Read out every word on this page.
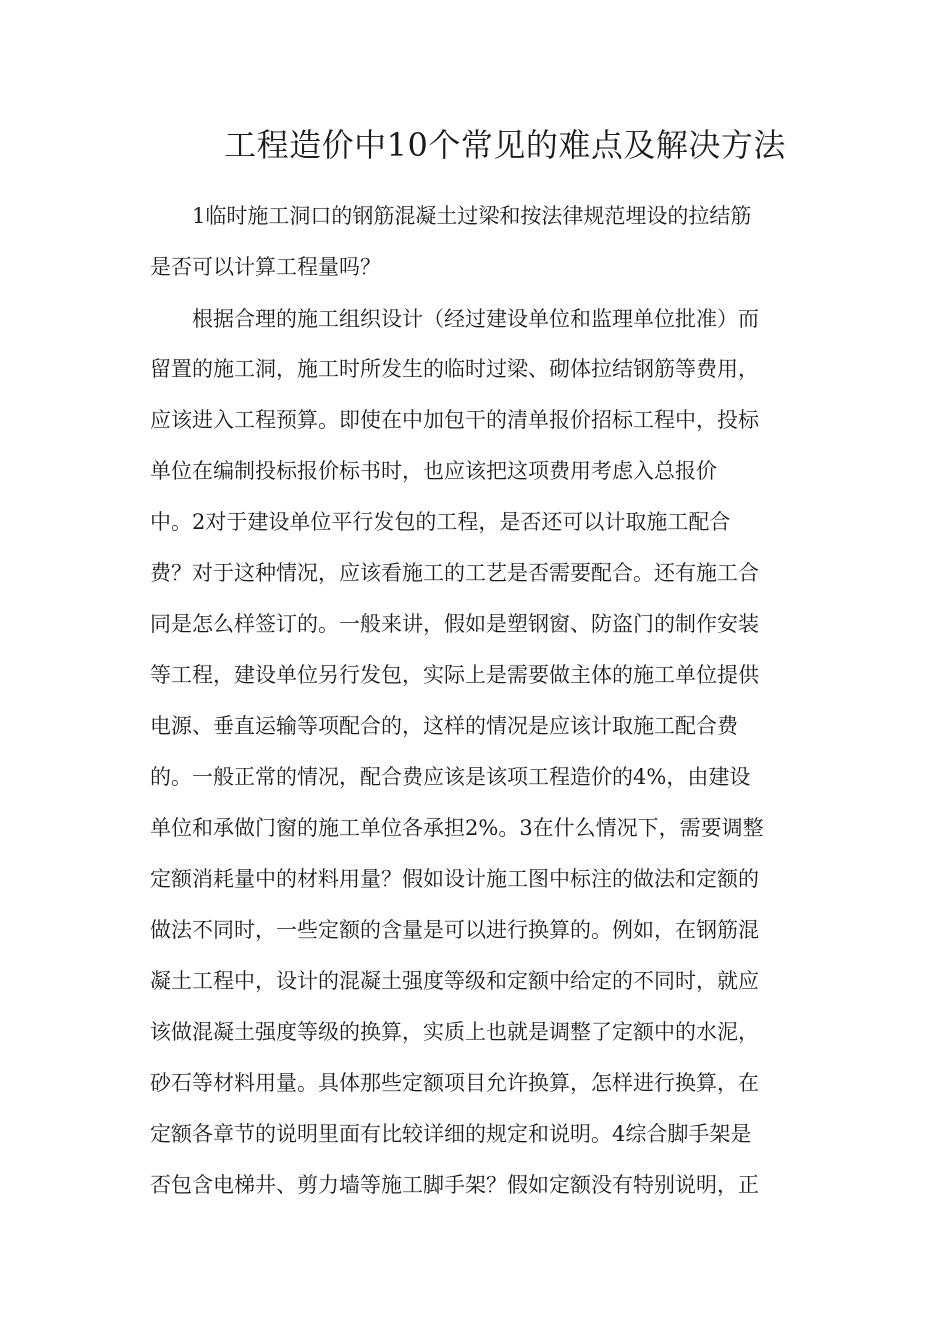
工程造价中10个常见的难点及解决方法

1临时施工洞口的钢筋混凝土过梁和按法律规范埋设的拉结筋

是否可以计算工程量吗？

根据合理的施工组织设计（经过建设单位和监理单位批准）而

留置的施工洞，施工时所发生的临时过梁、砌体拉结钢筋等费用，

应该进入工程预算。即使在中加包干的清单报价招标工程中，投标

单位在编制投标报价标书时，也应该把这项费用考虑入总报价

中。2对于建设单位平行发包的工程，是否还可以计取施工配合

费？对于这种情况，应该看施工的工艺是否需要配合。还有施工合

同是怎么样签订的。一般来讲，假如是塑钢窗、防盗门的制作安装

等工程，建设单位另行发包，实际上是需要做主体的施工单位提供

电源、垂直运输等项配合的，这样的情况是应该计取施工配合费

的。一般正常的情况，配合费应该是该项工程造价的4%，由建设

单位和承做门窗的施工单位各承担2%。3在什么情况下，需要调整

定额消耗量中的材料用量？假如设计施工图中标注的做法和定额的

做法不同时，一些定额的含量是可以进行换算的。例如，在钢筋混

凝土工程中，设计的混凝土强度等级和定额中给定的不同时，就应

该做混凝土强度等级的换算，实质上也就是调整了定额中的水泥，

砂石等材料用量。具体那些定额项目允许换算，怎样进行换算，在

定额各章节的说明里面有比较详细的规定和说明。4综合脚手架是

否包含电梯井、剪力墙等施工脚手架？假如定额没有特别说明，正
